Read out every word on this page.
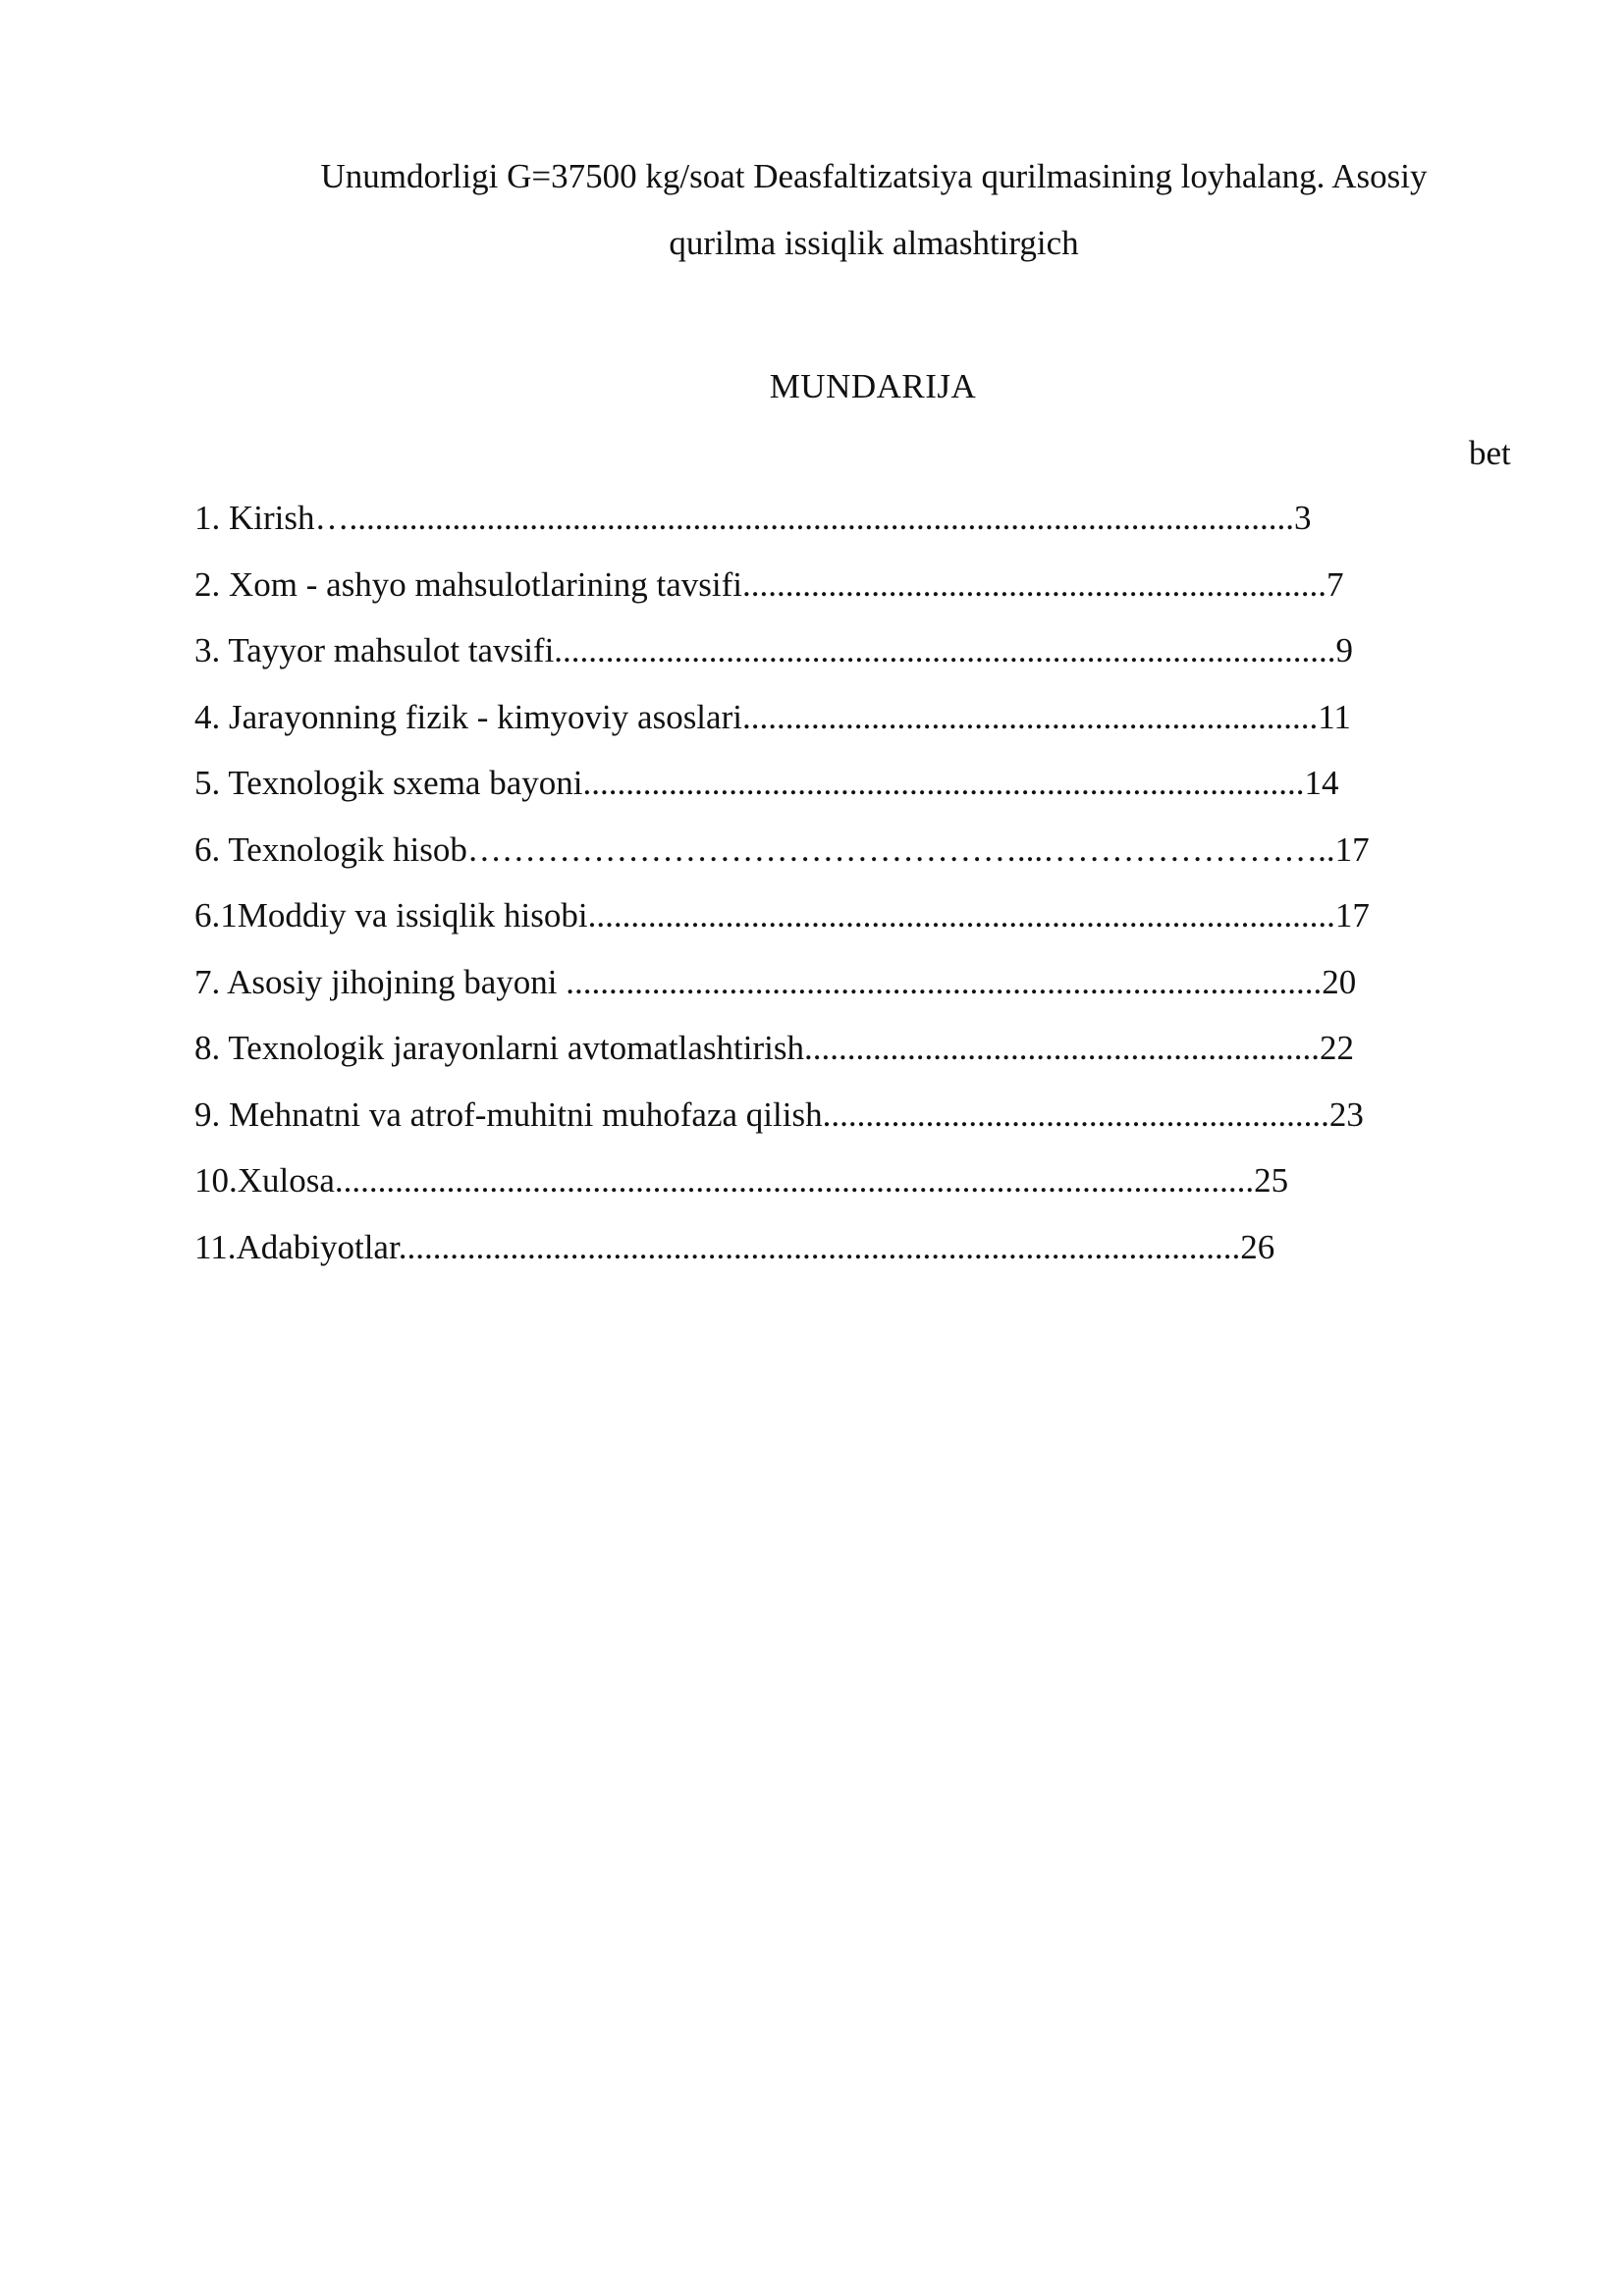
Unumdorligi G=37500 kg/soat Deasfaltizatsiya qurilmasining loyhalang. Asosiy

qurilma issiqlik almashtirgich

MUNDARIJA

bet
1. Kirish…..............................................................................................................3
2. Xom - ashyo mahsulotlarining tavsifi....................................................................7
3. Tayyor mahsulot tavsifi...........................................................................................9
4. Jarayonning fizik - kimyoviy asoslari...................................................................11
5. Texnologik sxema bayoni....................................................................................14
6. Texnologik hisob…………………………………………...……………………..17
6.1Moddiy va issiqlik hisobi.......................................................................................17
7. Asosiy jihojning bayoni ........................................................................................20
8. Texnologik jarayonlarni avtomatlashtirish............................................................22
9. Mehnatni va atrof-muhitni muhofaza qilish...........................................................23
10.Xulosa...........................................................................................................25
11.Adabiyotlar..................................................................................................26
